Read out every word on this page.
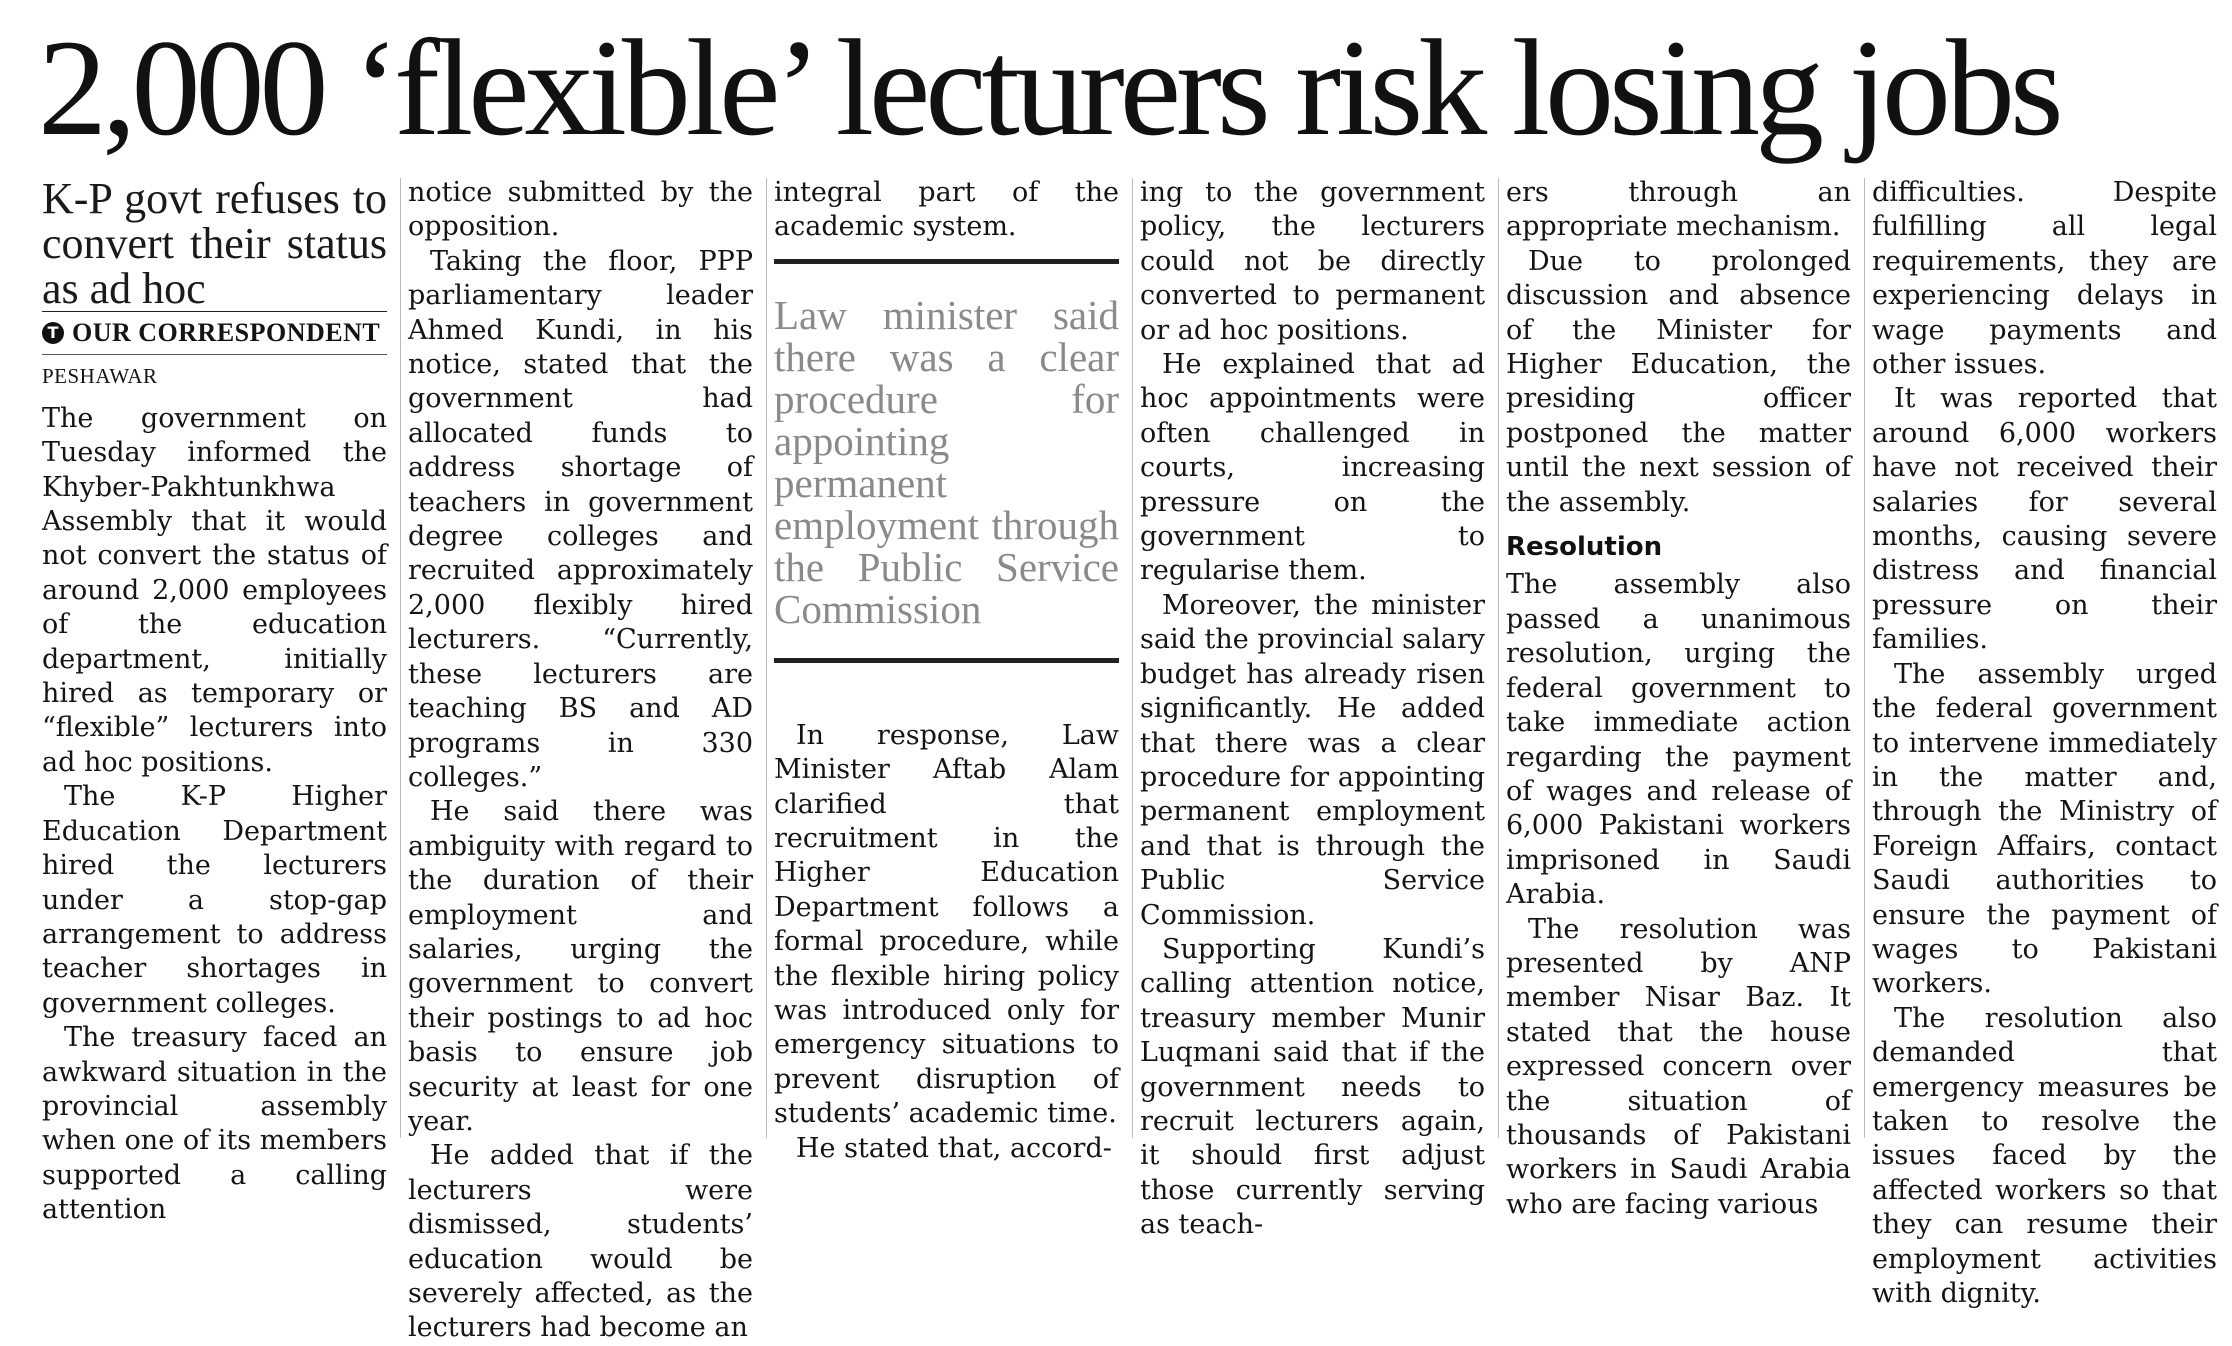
2,000 ‘flexible’ lecturers risk losing jobs

K-P govt refuses to convert their status as ad hoc

T OUR CORRESPONDENT
PESHAWAR

The government on Tuesday informed the Khyber-Pakhtunkhwa Assembly that it would not convert the status of around 2,000 employees of the education department, initially hired as temporary or “flexible” lecturers into ad hoc positions.

The K-P Higher Education Department hired the lecturers under a stop-gap arrangement to address teacher shortages in government colleges.

The treasury faced an awkward situation in the provincial assembly when one of its members supported a calling attention

notice submitted by the opposition.

Taking the floor, PPP parliamentary leader Ahmed Kundi, in his notice, stated that the government had allocated funds to address shortage of teachers in government degree colleges and recruited approximately 2,000 flexibly hired lecturers. “Currently, these lecturers are teaching BS and AD programs in 330 colleges.”

He said there was ambiguity with regard to the duration of their employment and salaries, urging the government to convert their postings to ad hoc basis to ensure job security at least for one year.

He added that if the lecturers were dismissed, students’ education would be severely affected, as the lecturers had become an

integral part of the academic system.

Law minister said there was a clear procedure for appointing permanent employment through the Public Service Commission

In response, Law Minister Aftab Alam clarified that recruitment in the Higher Education Department follows a formal procedure, while the flexible hiring policy was introduced only for emergency situations to prevent disruption of students’ academic time.

He stated that, accord-

ing to the government policy, the lecturers could not be directly converted to permanent or ad hoc positions.

He explained that ad hoc appointments were often challenged in courts, increasing pressure on the government to regularise them.

Moreover, the minister said the provincial salary budget has already risen significantly. He added that there was a clear procedure for appointing permanent employment and that is through the Public Service Commission.

Supporting Kundi’s calling attention notice, treasury member Munir Luqmani said that if the government needs to recruit lecturers again, it should first adjust those currently serving as teach-

ers through an appropriate mechanism.

Due to prolonged discussion and absence of the Minister for Higher Education, the presiding officer postponed the matter until the next session of the assembly.

Resolution

The assembly also passed a unanimous resolution, urging the federal government to take immediate action regarding the payment of wages and release of 6,000 Pakistani workers imprisoned in Saudi Arabia.

The resolution was presented by ANP member Nisar Baz. It stated that the house expressed concern over the situation of thousands of Pakistani workers in Saudi Arabia who are facing various

difficulties. Despite fulfilling all legal requirements, they are experiencing delays in wage payments and other issues.

It was reported that around 6,000 workers have not received their salaries for several months, causing severe distress and financial pressure on their families.

The assembly urged the federal government to intervene immediately in the matter and, through the Ministry of Foreign Affairs, contact Saudi authorities to ensure the payment of wages to Pakistani workers.

The resolution also demanded that emergency measures be taken to resolve the issues faced by the affected workers so that they can resume their employment activities with dignity.
